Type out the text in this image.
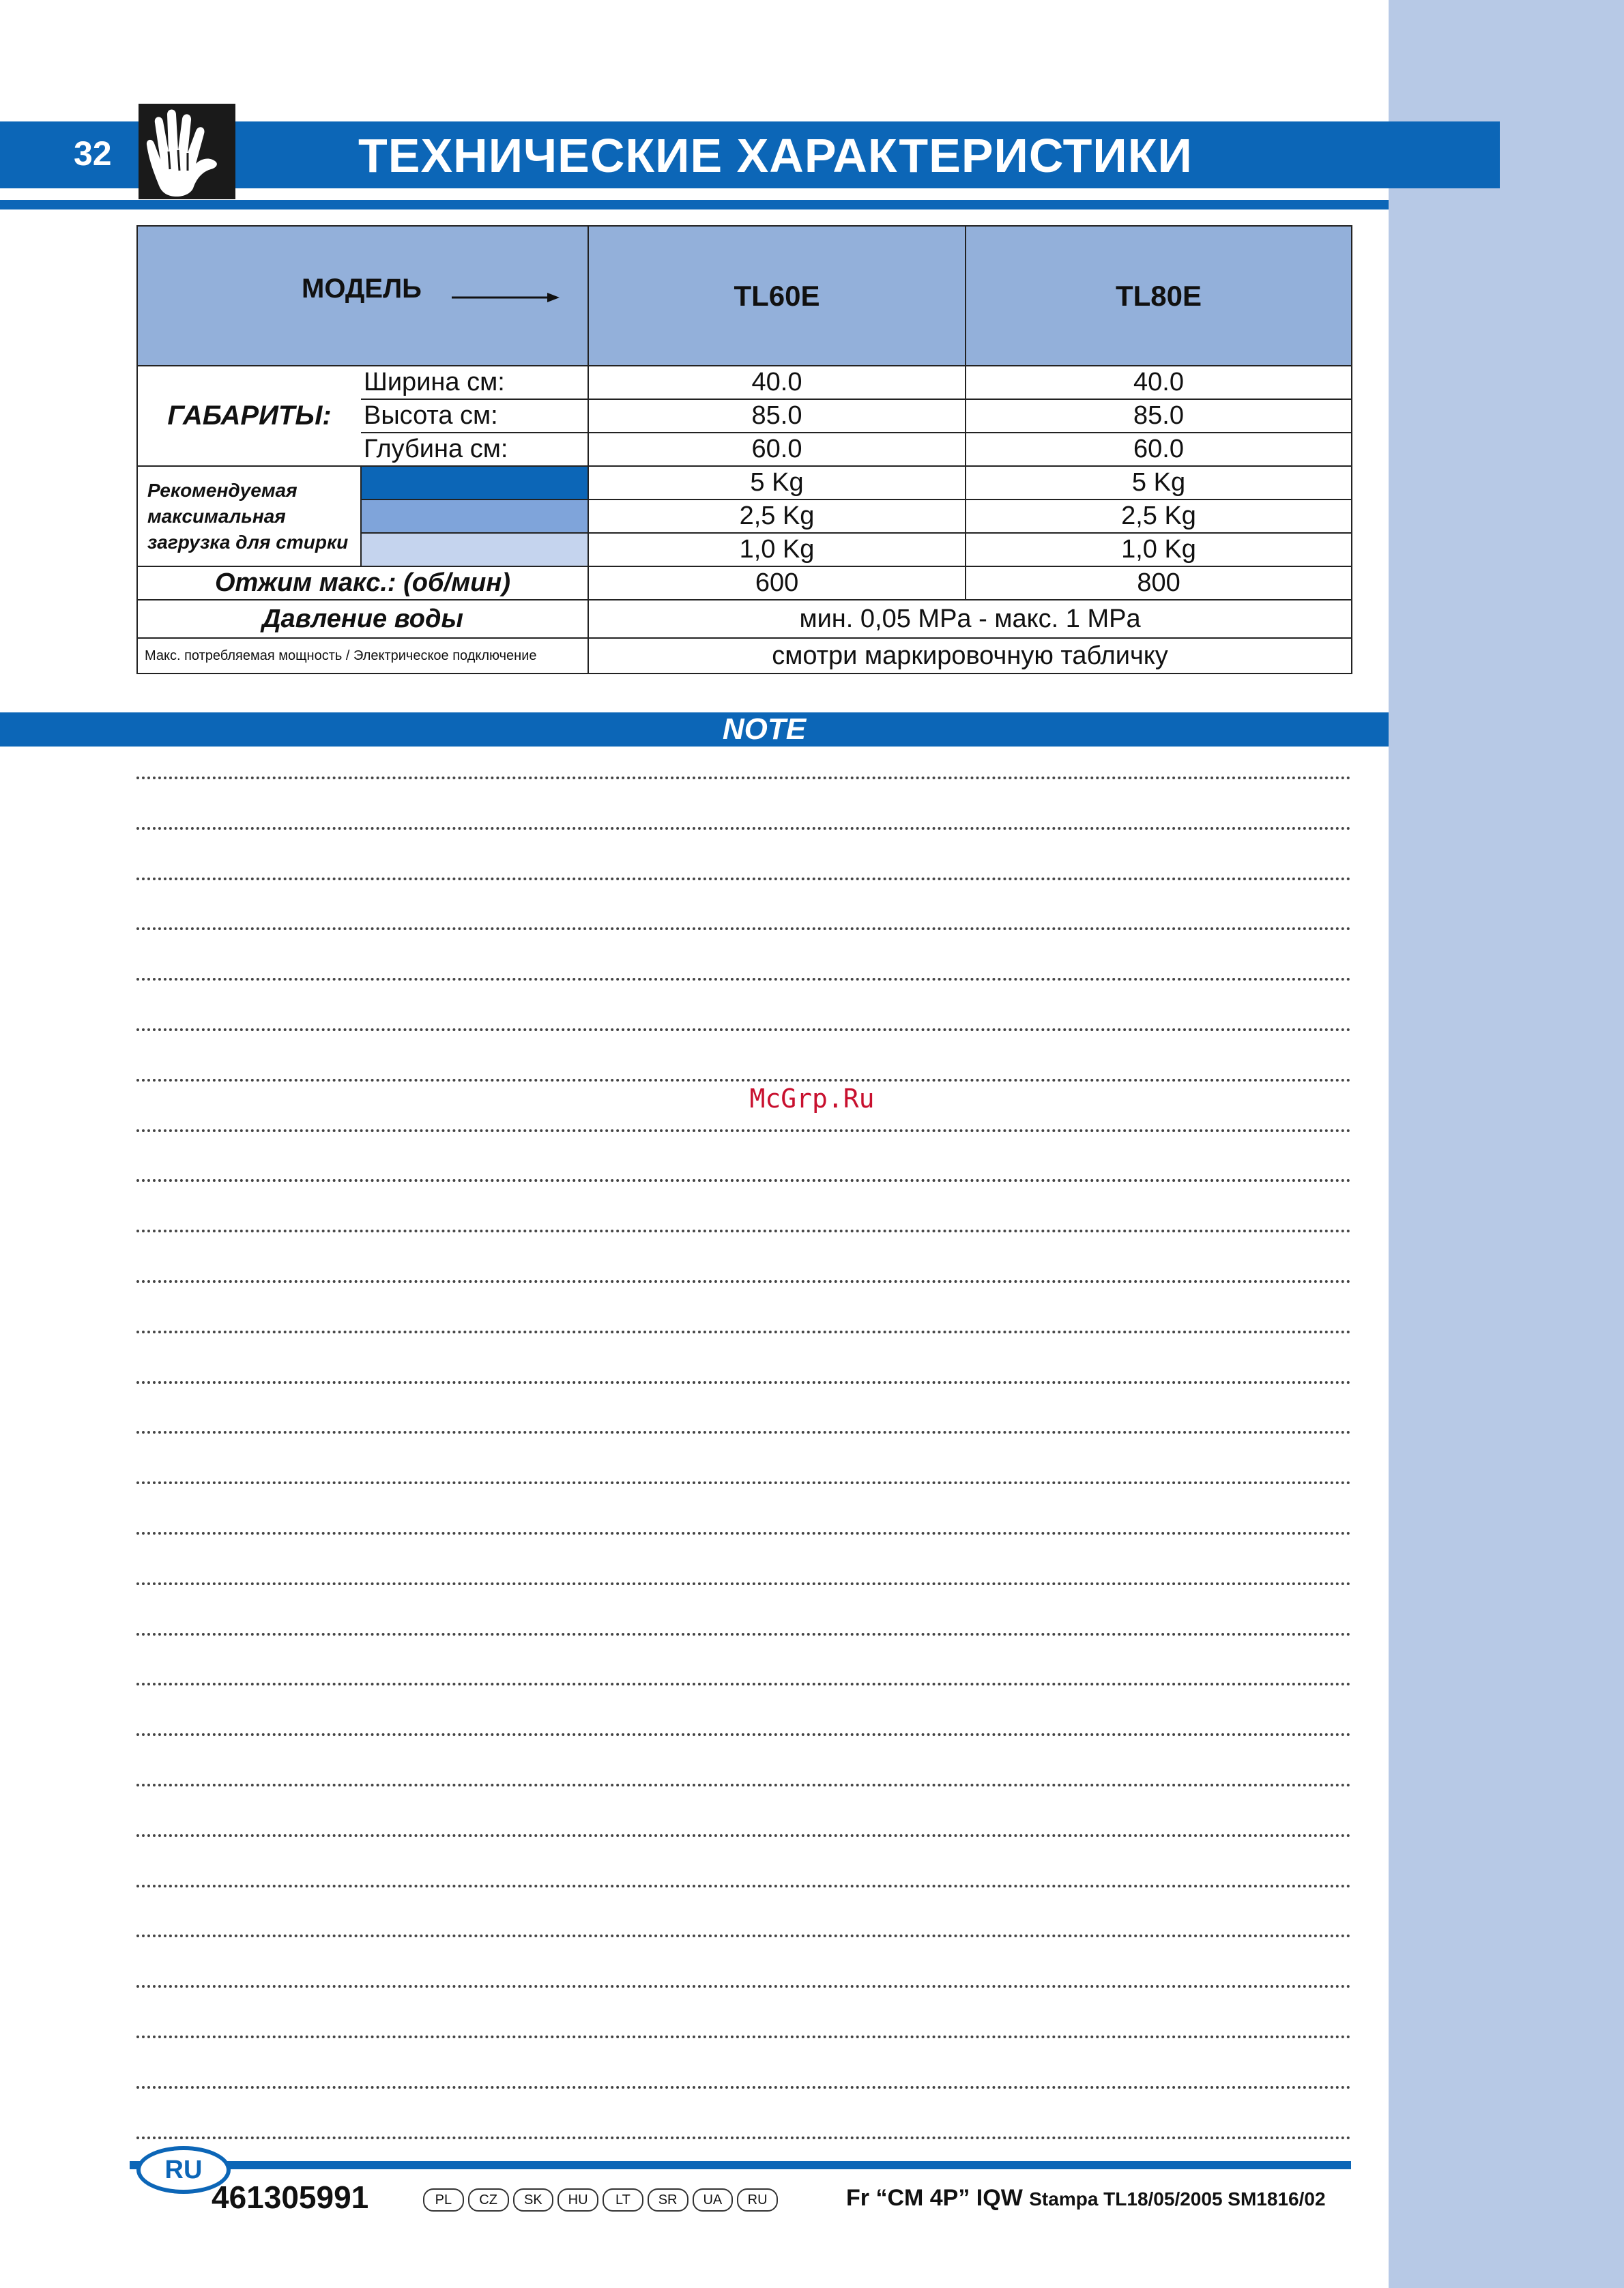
32	ТЕХНИЧЕСКИЕ ХАРАКТЕРИСТИКИ
МОДЕЛЬ		TL60E	TL80E
ГАБАРИТЫ:	Ширина см:	40.0	40.0
	Высота см:	85.0	85.0
	Глубина см:	60.0	60.0
Рекомендуемая
максимальная
загрузка для стирки		5 Kg	5 Kg
		2,5 Kg	2,5 Kg
		1,0 Kg	1,0 Kg
Отжим макс.: (об/мин)		600	800
Давление воды		мин. 0,05 MPa - макс. 1 MPa	
Макс. потребляемая мощность / Электрическое подключение		смотри маркировочную табличку	
NOTE
McGrp.Ru
RU
461305991	PL	CZ	SK	HU	LT	SR	UA	RU	Fr “CM 4P” IQW Stampa TL18/05/2005 SM1816/02
